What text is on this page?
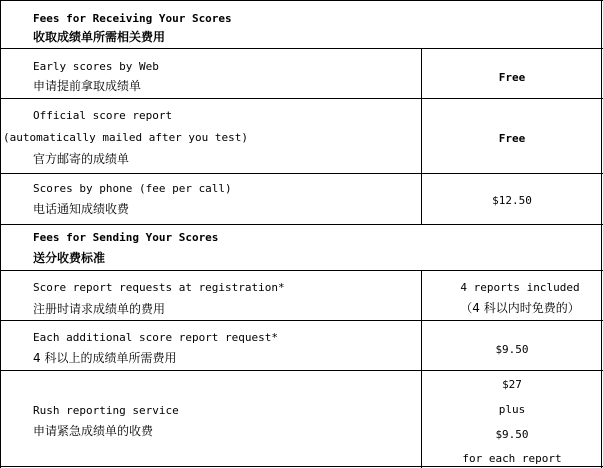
Fees for Receiving Your Scores
收取成绩单所需相关费用
Early scores by Web
申请提前拿取成绩单
Free
Official score report
(automatically mailed after you test)
官方邮寄的成绩单
Free
Scores by phone (fee per call)
电话通知成绩收费
$12.50
Fees for Sending Your Scores
送分收费标准
Score report requests at registration*
注册时请求成绩单的费用
4 reports included
（4 科以内时免费的）
Each additional score report request*
4 科以上的成绩单所需费用
$9.50
Rush reporting service
申请紧急成绩单的收费
$27
plus
$9.50
for each report
